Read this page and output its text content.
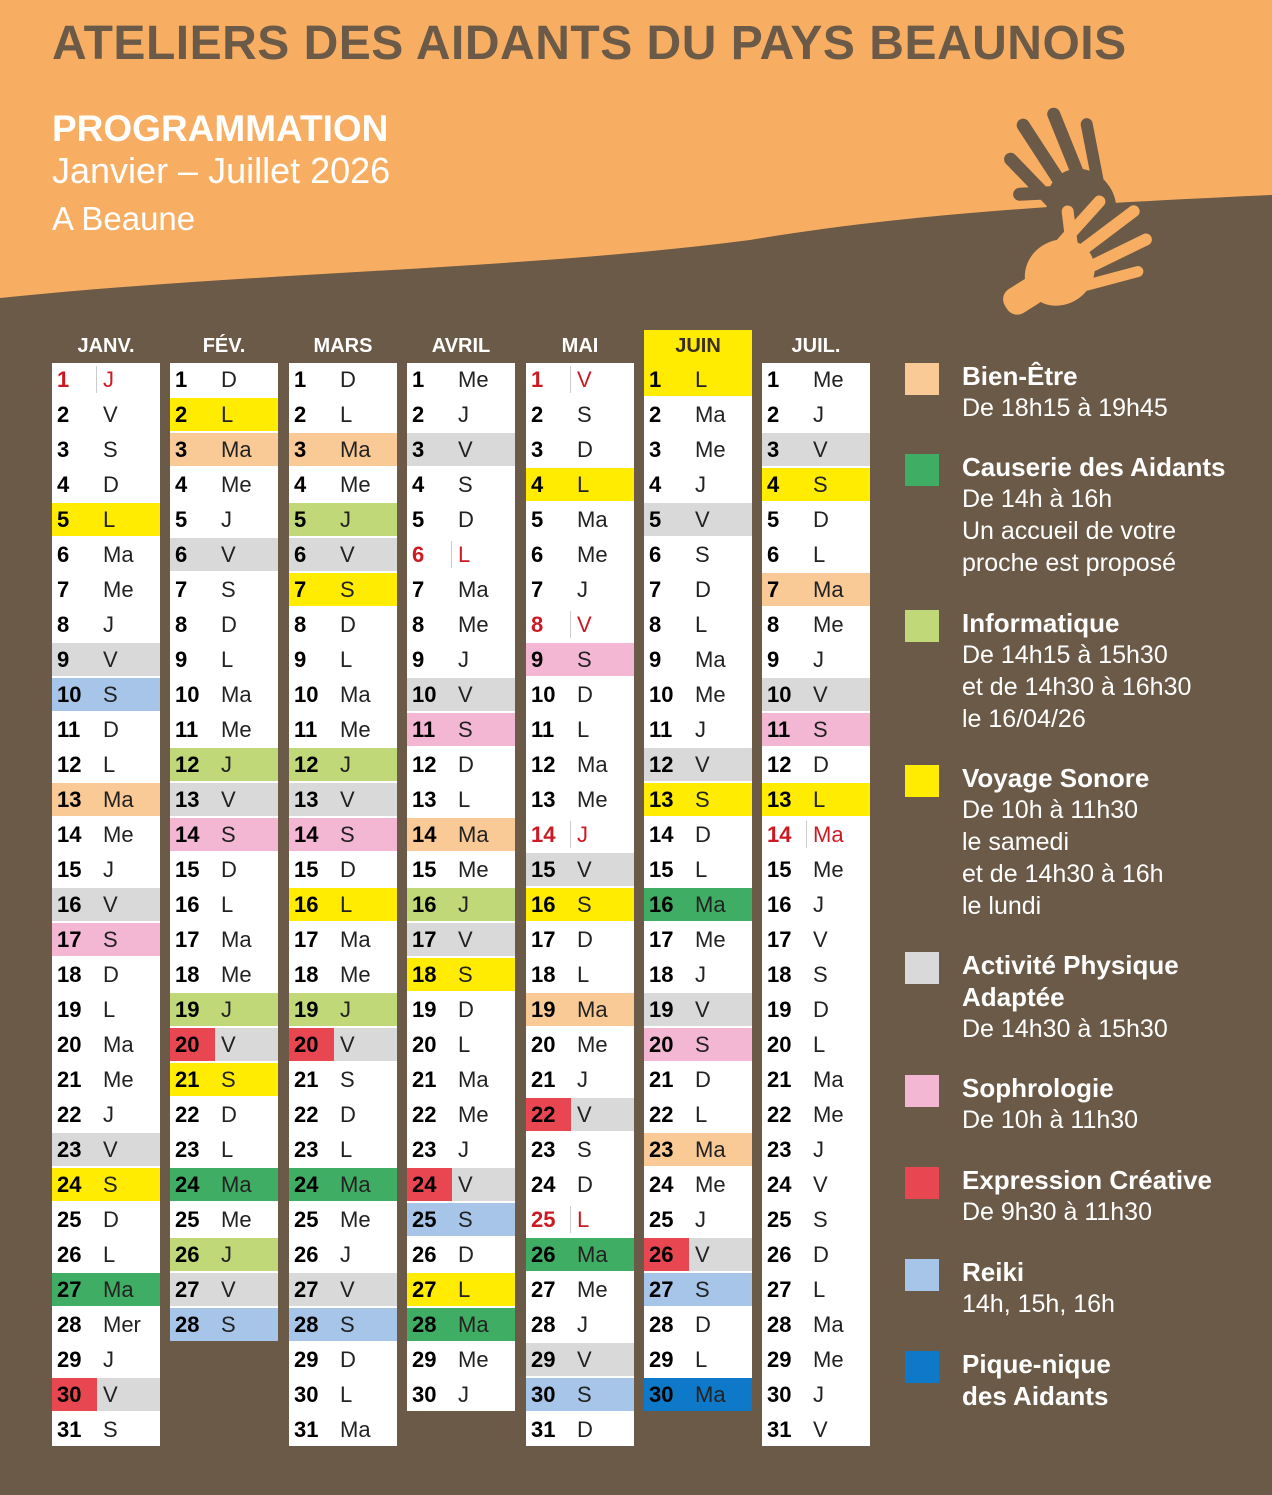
ATELIERS DES AIDANTS DU PAYS BEAUNOIS
PROGRAMMATION
Janvier – Juillet 2026
A Beaune
JANV.
1 J
2 V
3 S
4 D
5 L
6 Ma
7 Me
8 J
9 V
10 S
11 D
12 L
13 Ma
14 Me
15 J
16 V
17 S
18 D
19 L
20 Ma
21 Me
22 J
23 V
24 S
25 D
26 L
27 Ma
28 Mer
29 J
30 V
31 S
FÉV.
1 D
2 L
3 Ma
4 Me
5 J
6 V
7 S
8 D
9 L
10 Ma
11 Me
12 J
13 V
14 S
15 D
16 L
17 Ma
18 Me
19 J
20 V
21 S
22 D
23 L
24 Ma
25 Me
26 J
27 V
28 S
MARS
1 D
2 L
3 Ma
4 Me
5 J
6 V
7 S
8 D
9 L
10 Ma
11 Me
12 J
13 V
14 S
15 D
16 L
17 Ma
18 Me
19 J
20 V
21 S
22 D
23 L
24 Ma
25 Me
26 J
27 V
28 S
29 D
30 L
31 Ma
AVRIL
1 Me
2 J
3 V
4 S
5 D
6 L
7 Ma
8 Me
9 J
10 V
11 S
12 D
13 L
14 Ma
15 Me
16 J
17 V
18 S
19 D
20 L
21 Ma
22 Me
23 J
24 V
25 S
26 D
27 L
28 Ma
29 Me
30 J
MAI
1 V
2 S
3 D
4 L
5 Ma
6 Me
7 J
8 V
9 S
10 D
11 L
12 Ma
13 Me
14 J
15 V
16 S
17 D
18 L
19 Ma
20 Me
21 J
22 V
23 S
24 D
25 L
26 Ma
27 Me
28 J
29 V
30 S
31 D
JUIN
1 L
2 Ma
3 Me
4 J
5 V
6 S
7 D
8 L
9 Ma
10 Me
11 J
12 V
13 S
14 D
15 L
16 Ma
17 Me
18 J
19 V
20 S
21 D
22 L
23 Ma
24 Me
25 J
26 V
27 S
28 D
29 L
30 Ma
JUIL.
1 Me
2 J
3 V
4 S
5 D
6 L
7 Ma
8 Me
9 J
10 V
11 S
12 D
13 L
14 Ma
15 Me
16 J
17 V
18 S
19 D
20 L
21 Ma
22 Me
23 J
24 V
25 S
26 D
27 L
28 Ma
29 Me
30 J
31 V
Bien-Être
De 18h15 à 19h45
Causerie des Aidants
De 14h à 16h
Un accueil de votre
proche est proposé
Informatique
De 14h15 à 15h30
et de 14h30 à 16h30
le 16/04/26
Voyage Sonore
De 10h à 11h30
le samedi
et de 14h30 à 16h
le lundi
Activité Physique
Adaptée
De 14h30 à 15h30
Sophrologie
De 10h à 11h30
Expression Créative
De 9h30 à 11h30
Reiki
14h, 15h, 16h
Pique-nique
des Aidants
